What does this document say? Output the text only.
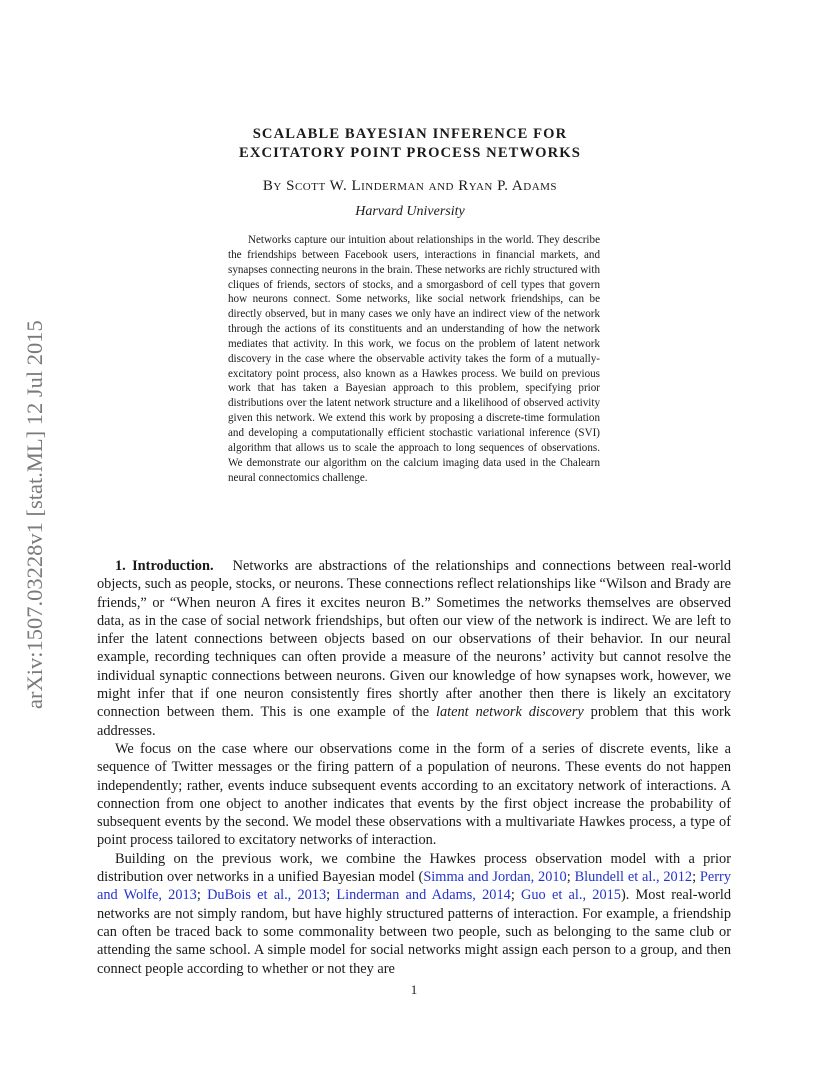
arXiv:1507.03228v1 [stat.ML] 12 Jul 2015
SCALABLE BAYESIAN INFERENCE FOR
EXCITATORY POINT PROCESS NETWORKS
By Scott W. Linderman and Ryan P. Adams
Harvard University

Networks capture our intuition about relationships in the world. They describe the friendships between Facebook users, interactions in financial markets, and synapses connecting neurons in the brain. These networks are richly structured with cliques of friends, sectors of stocks, and a smorgasbord of cell types that govern how neurons connect. Some networks, like social network friendships, can be directly observed, but in many cases we only have an indirect view of the network through the actions of its constituents and an understanding of how the network mediates that activity. In this work, we focus on the problem of latent network discovery in the case where the observable activity takes the form of a mutually-excitatory point process, also known as a Hawkes process. We build on previous work that has taken a Bayesian approach to this problem, specifying prior distributions over the latent network structure and a likelihood of observed activity given this network. We extend this work by proposing a discrete-time formulation and developing a computationally efficient stochastic variational inference (SVI) algorithm that allows us to scale the approach to long sequences of observations. We demonstrate our algorithm on the calcium imaging data used in the Chalearn neural connectomics challenge.

1. Introduction. Networks are abstractions of the relationships and connections between real-world objects, such as people, stocks, or neurons. These connections reflect relationships like “Wilson and Brady are friends,” or “When neuron A fires it excites neuron B.” Sometimes the networks themselves are observed data, as in the case of social network friendships, but often our view of the network is indirect. We are left to infer the latent connections between objects based on our observations of their behavior. In our neural example, recording techniques can often provide a measure of the neurons’ activity but cannot resolve the individual synaptic connections between neurons. Given our knowledge of how synapses work, however, we might infer that if one neuron consistently fires shortly after another then there is likely an excitatory connection between them. This is one example of the latent network discovery problem that this work addresses.

We focus on the case where our observations come in the form of a series of discrete events, like a sequence of Twitter messages or the firing pattern of a population of neurons. These events do not happen independently; rather, events induce subsequent events according to an excitatory network of interactions. A connection from one object to another indicates that events by the first object increase the probability of subsequent events by the second. We model these observations with a multivariate Hawkes process, a type of point process tailored to excitatory networks of interaction.

Building on the previous work, we combine the Hawkes process observation model with a prior distribution over networks in a unified Bayesian model (Simma and Jordan, 2010; Blundell et al., 2012; Perry and Wolfe, 2013; DuBois et al., 2013; Linderman and Adams, 2014; Guo et al., 2015). Most real-world networks are not simply random, but have highly structured patterns of interaction. For example, a friendship can often be traced back to some commonality between two people, such as belonging to the same club or attending the same school. A simple model for social networks might assign each person to a group, and then connect people according to whether or not they are

1
